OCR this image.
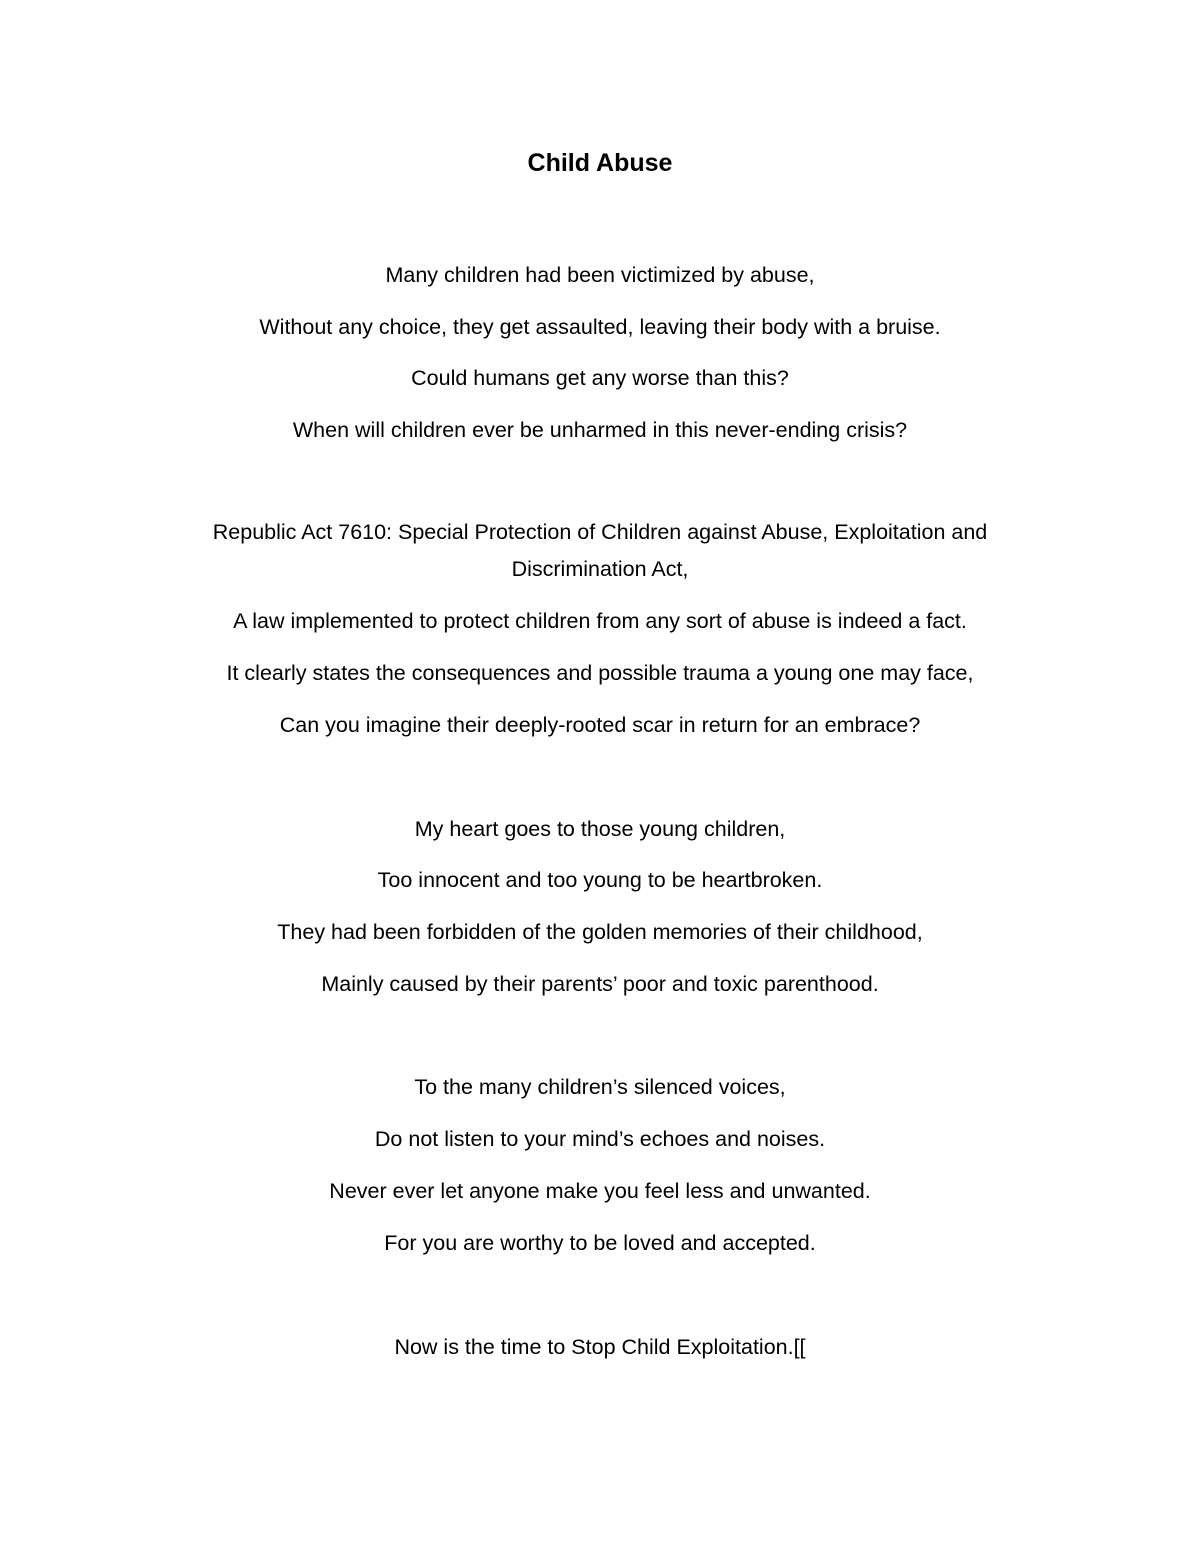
Child Abuse
Many children had been victimized by abuse,
Without any choice, they get assaulted, leaving their body with a bruise.
Could humans get any worse than this?
When will children ever be unharmed in this never-ending crisis?
Republic Act 7610: Special Protection of Children against Abuse, Exploitation and
Discrimination Act,
A law implemented to protect children from any sort of abuse is indeed a fact.
It clearly states the consequences and possible trauma a young one may face,
Can you imagine their deeply-rooted scar in return for an embrace?
My heart goes to those young children,
Too innocent and too young to be heartbroken.
They had been forbidden of the golden memories of their childhood,
Mainly caused by their parents’ poor and toxic parenthood.
To the many children’s silenced voices,
Do not listen to your mind’s echoes and noises.
Never ever let anyone make you feel less and unwanted.
For you are worthy to be loved and accepted.
Now is the time to Stop Child Exploitation.[[
